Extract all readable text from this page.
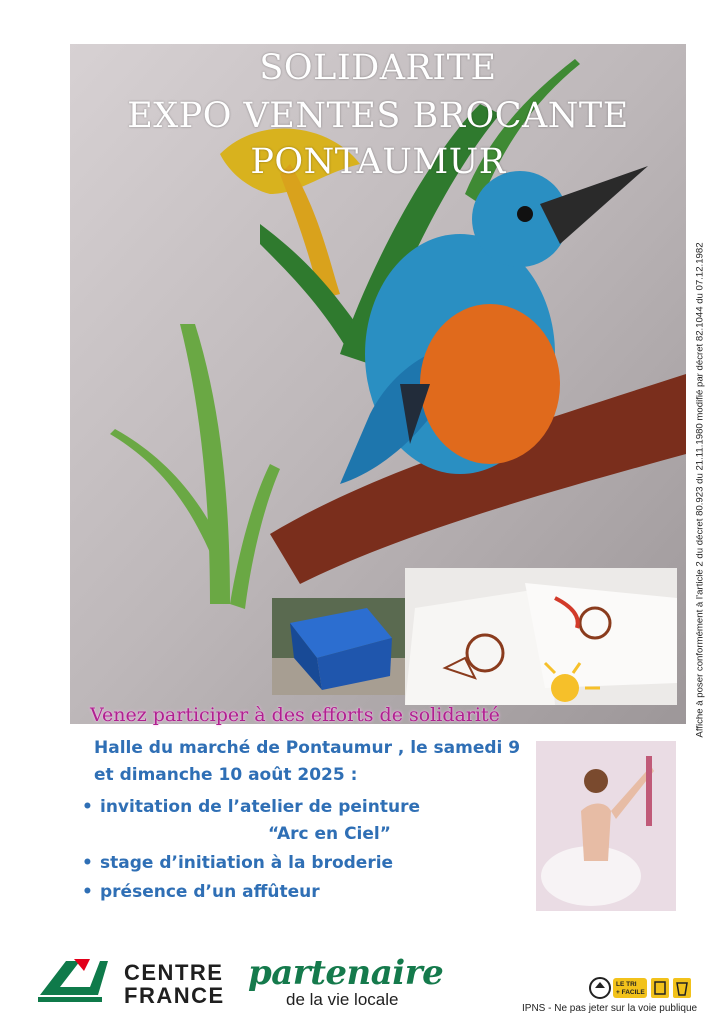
SOLIDARITE
EXPO VENTES BROCANTE
PONTAUMUR
Venez participer à des efforts de solidarité
Halle du marché de Pontaumur , le samedi 9
et dimanche 10 août 2025 :
• invitation de l’atelier de peinture
“Arc en Ciel”
• stage d’initiation à la broderie
• présence d’un affûteur
Affiche à poser conformément à l’article 2 du décret 80.923 du 21.11.1980 modifié par décret 82.1044 du 07.12.1982
CENTRE
FRANCE
partenaire
de la vie locale
LE TRI
+ FACILE
IPNS - Ne pas jeter sur la voie publique
